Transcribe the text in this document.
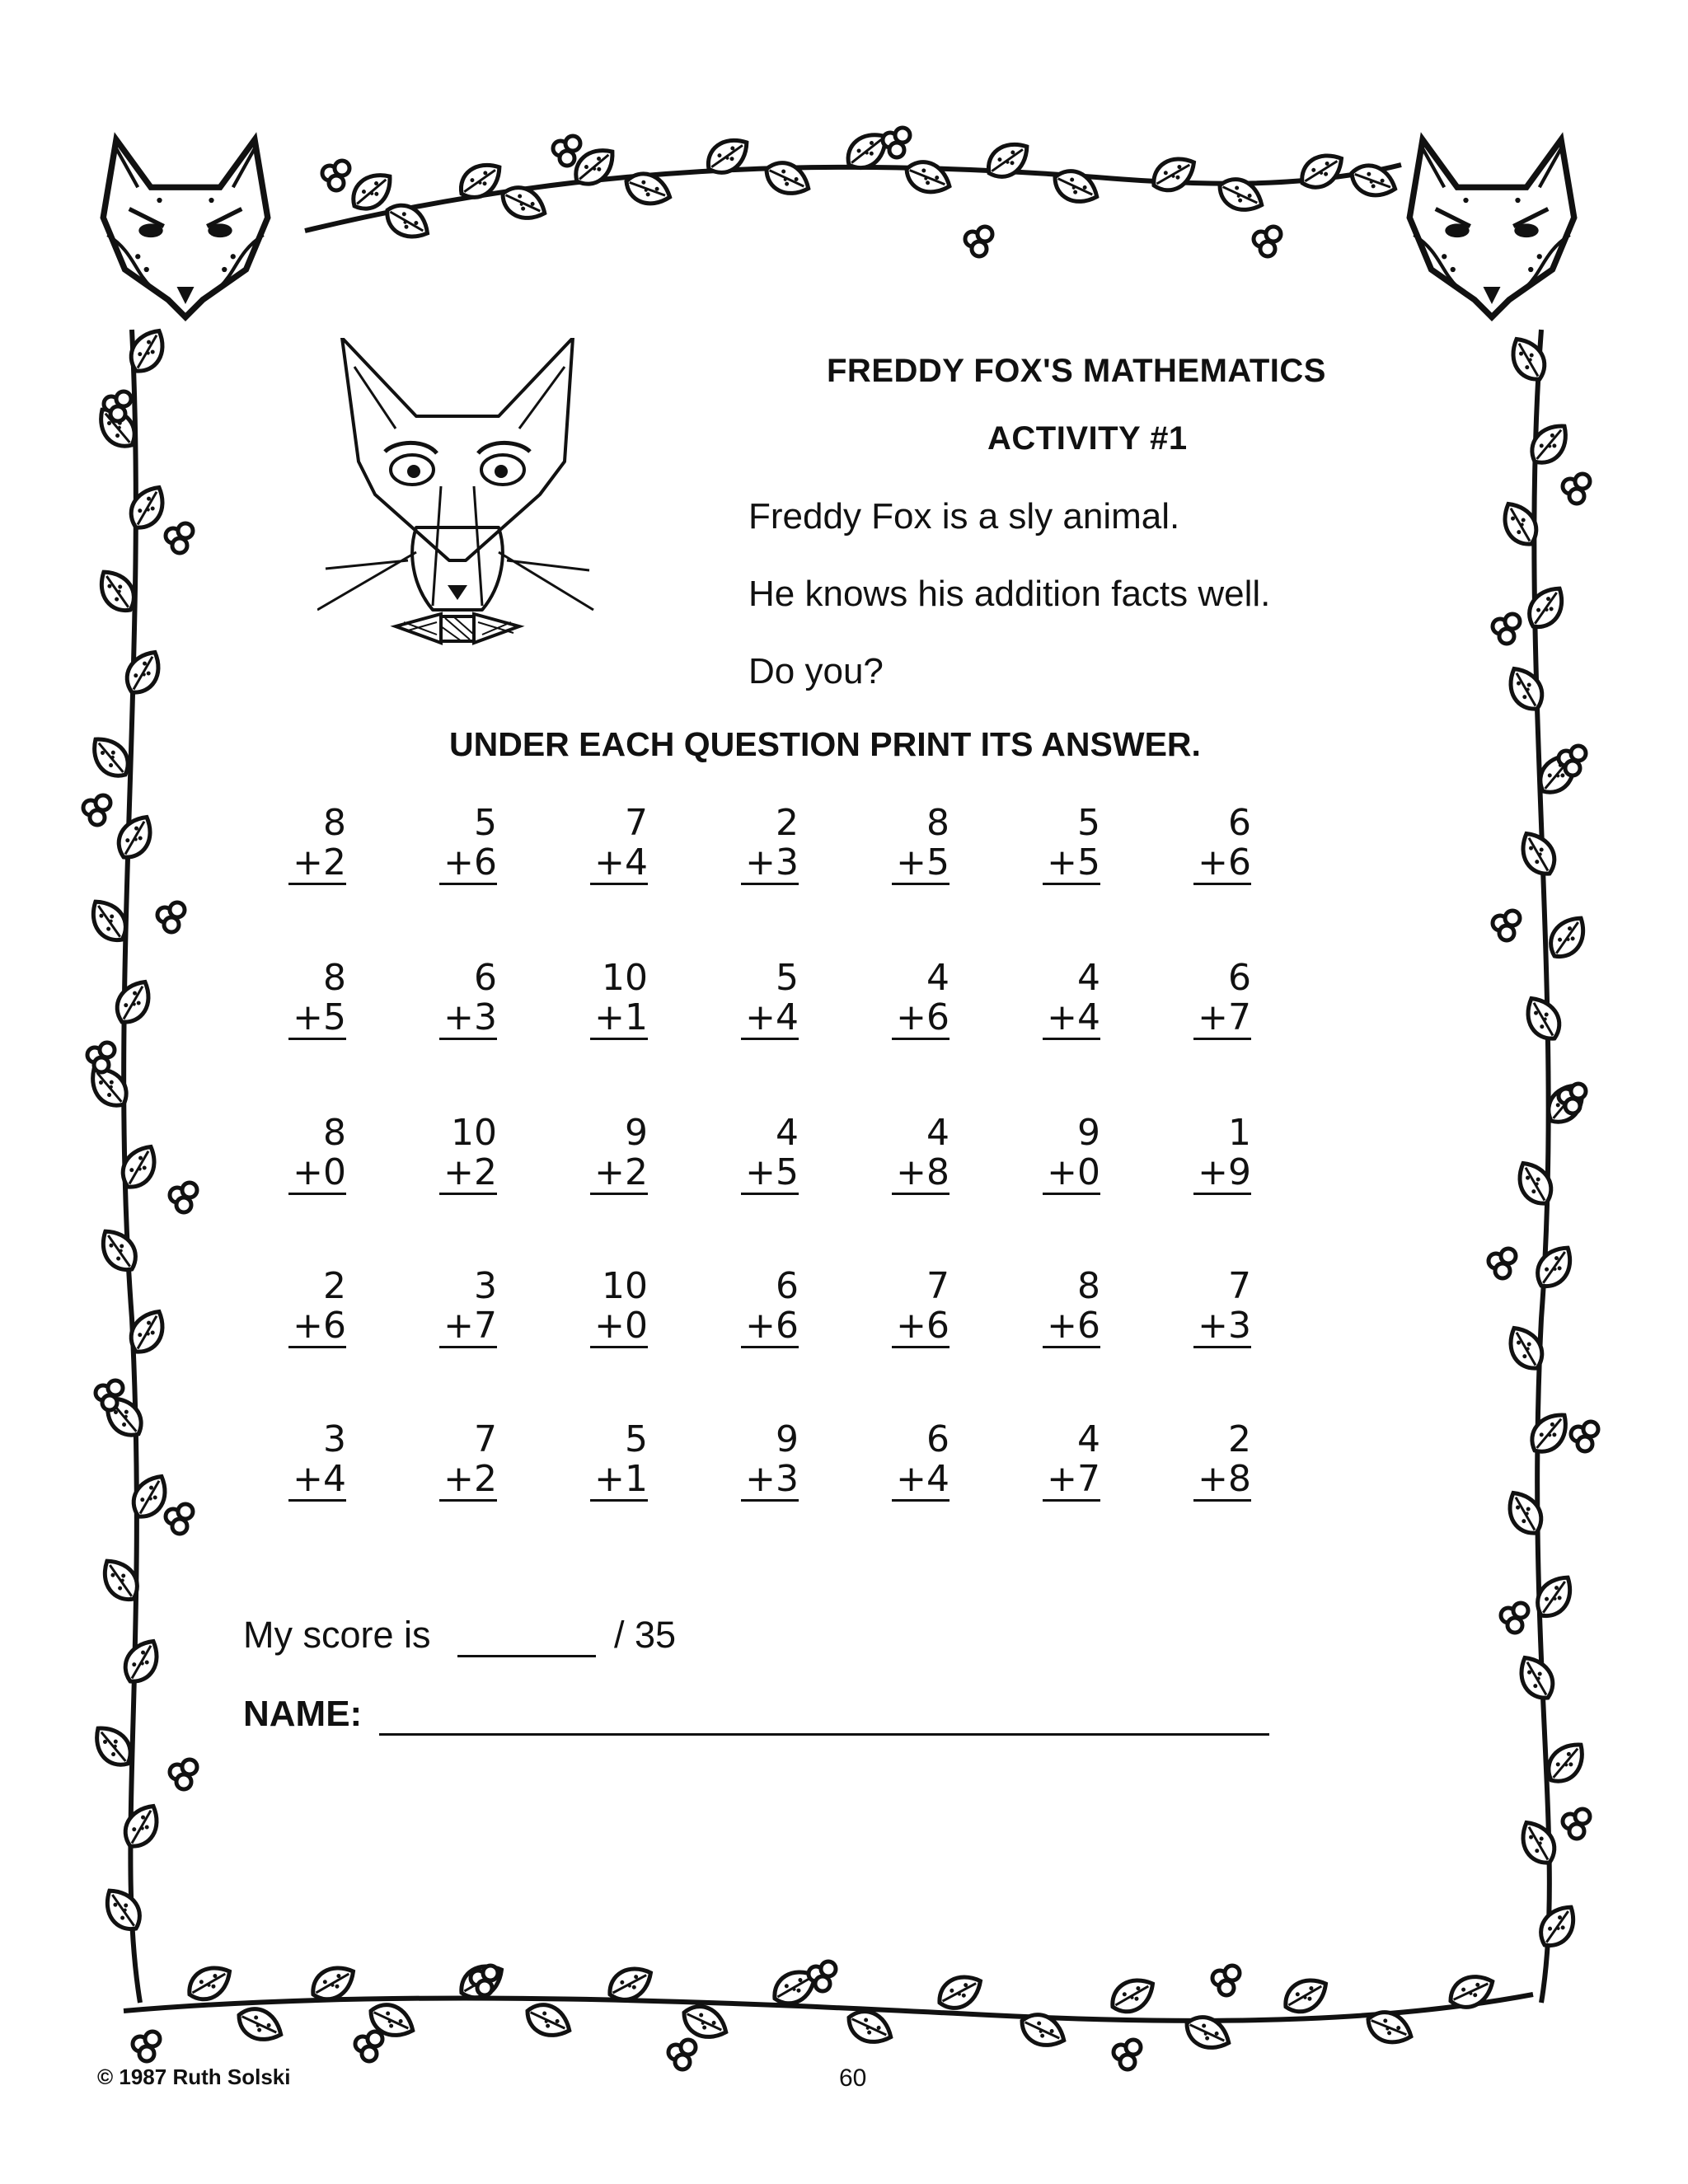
FREDDY FOX'S MATHEMATICS
ACTIVITY #1
Freddy Fox is a sly animal.
He knows his addition facts well.
Do you?
UNDER EACH QUESTION PRINT ITS ANSWER.
8
+2
5
+6
7
+4
2
+3
8
+5
5
+5
6
+6
8
+5
6
+3
10
+1
5
+4
4
+6
4
+4
6
+7
8
+0
10
+2
9
+2
4
+5
4
+8
9
+0
1
+9
2
+6
3
+7
10
+0
6
+6
7
+6
8
+6
7
+3
3
+4
7
+2
5
+1
9
+3
6
+4
4
+7
2
+8
My score is	/ 35
NAME:
© 1987 Ruth Solski	60
